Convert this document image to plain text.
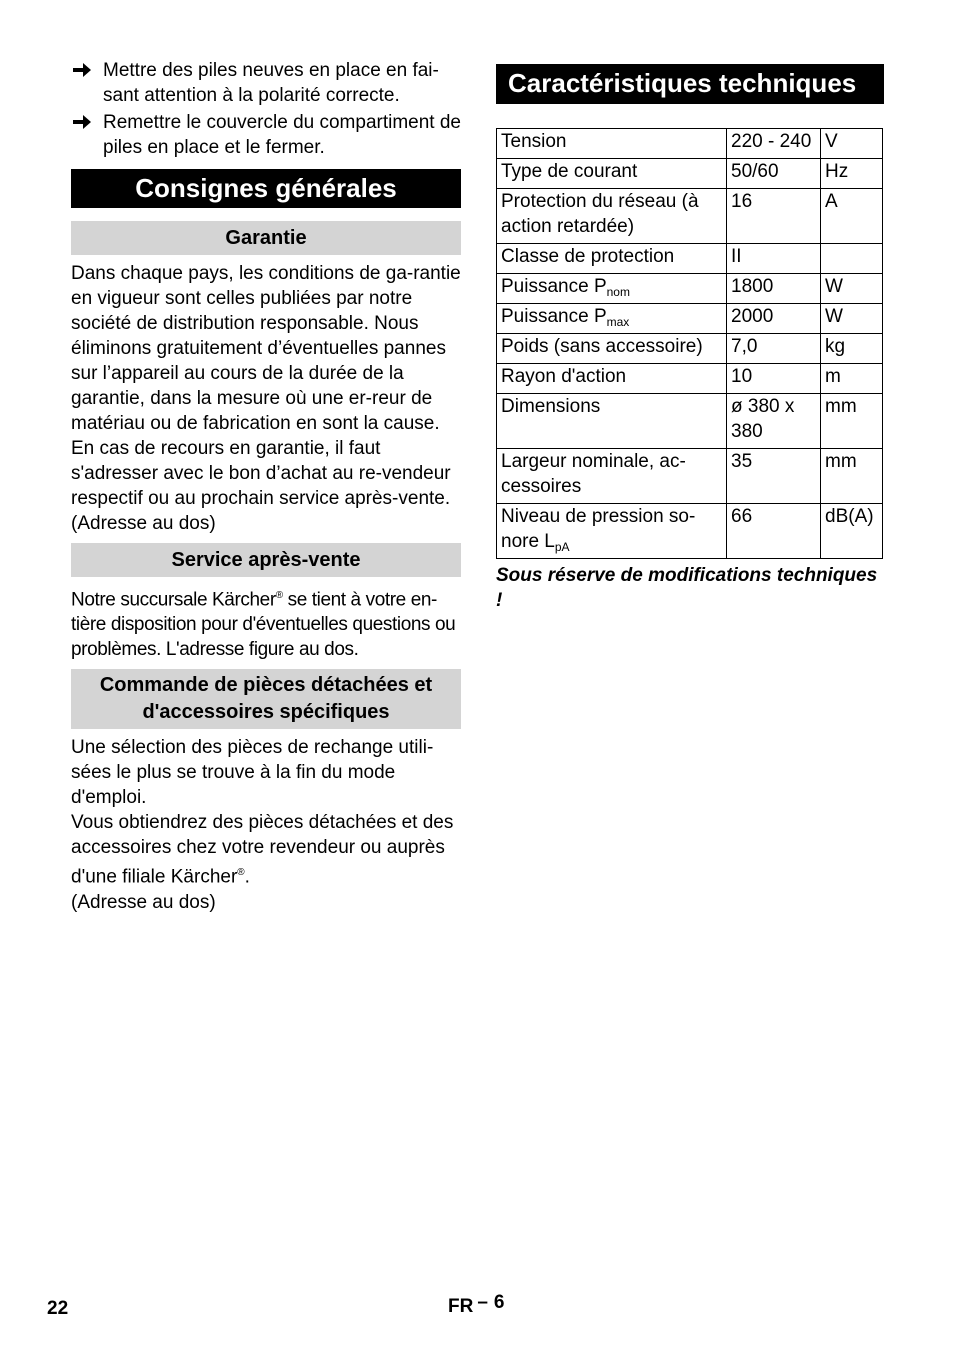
Mettre des piles neuves en place en fai-sant attention à la polarité correcte.
Remettre le couvercle du compartiment de piles en place et le fermer.
Consignes générales
Garantie
Dans chaque pays, les conditions de ga-rantie en vigueur sont celles publiées par notre société de distribution responsable. Nous éliminons gratuitement d’éventuelles pannes sur l’appareil au cours de la durée de la garantie, dans la mesure où une er-reur de matériau ou de fabrication en sont la cause. En cas de recours en garantie, il faut s'adresser avec le bon d’achat au re-vendeur respectif ou au prochain service après-vente.
(Adresse au dos)
Service après-vente
Notre succursale Kärcher® se tient à votre en-tière disposition pour d'éventuelles questions ou problèmes. L'adresse figure au dos.
Commande de pièces détachées et
d'accessoires spécifiques
Une sélection des pièces de rechange utili-sées le plus se trouve à la fin du mode d'emploi.
Vous obtiendrez des pièces détachées et des accessoires chez votre revendeur ou auprès d'une filiale Kärcher®.
(Adresse au dos)
Caractéristiques techniques
Tension	220 - 240	V
Type de courant	50/60	Hz
Protection du réseau (à action retardée)	16	A
Classe de protection	II	
Puissance $P_{nom}$	1800	W
Puissance $P_{max}$	2000	W
Poids (sans accessoire)	7,0	kg
Rayon d'action	10	m
Dimensions	ø 380 x 380	mm
Largeur nominale, ac-cessoires	35	mm
Niveau de pression so-nore $L_{pA}$	66	dB(A)
Sous réserve de modifications techniques !
22	FR – 6
